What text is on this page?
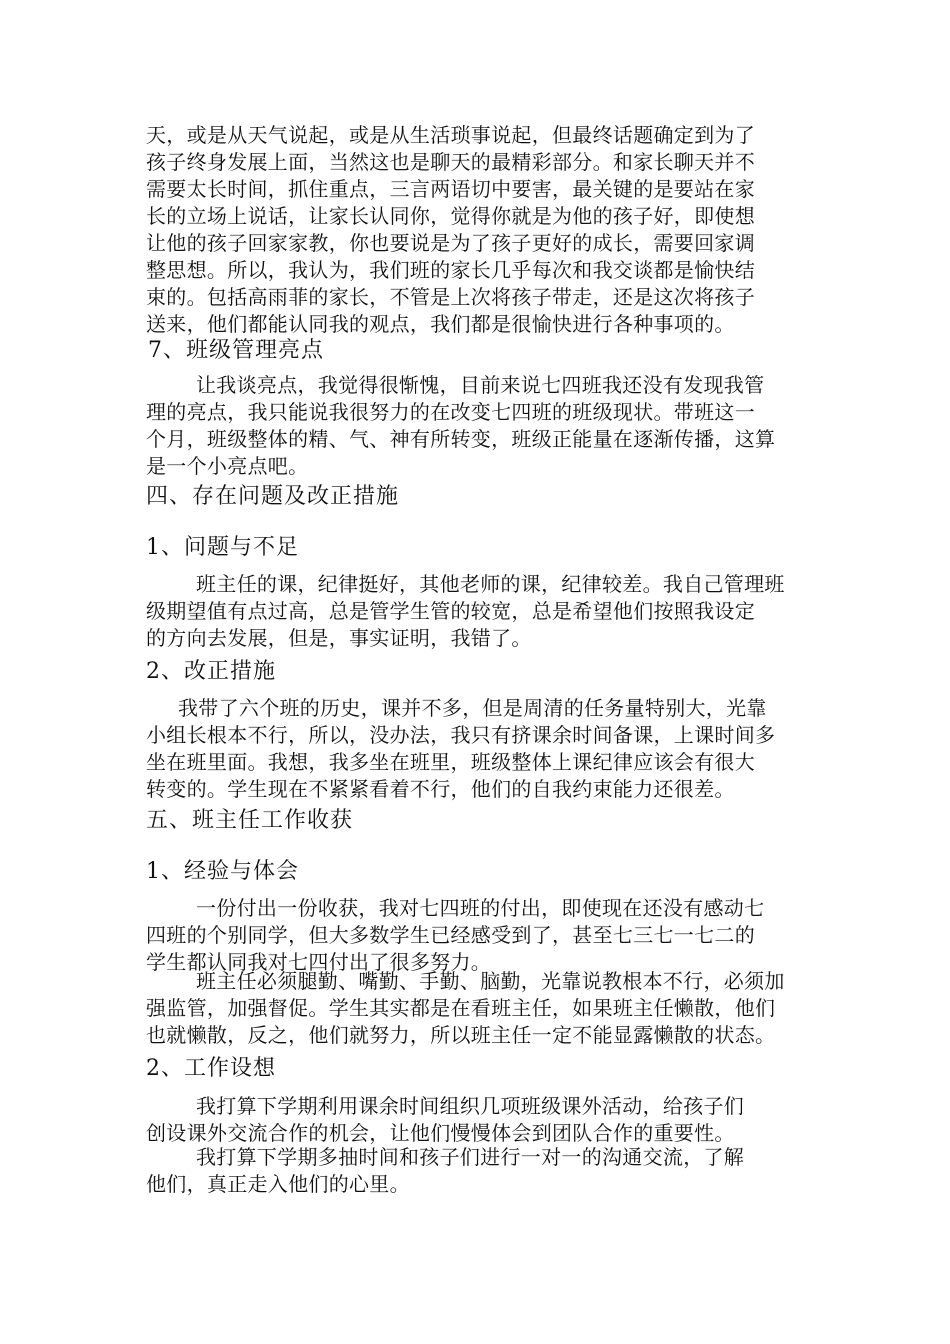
天，或是从天气说起，或是从生活琐事说起，但最终话题确定到为了
孩子终身发展上面，当然这也是聊天的最精彩部分。和家长聊天并不
需要太长时间，抓住重点，三言两语切中要害，最关键的是要站在家
长的立场上说话，让家长认同你，觉得你就是为他的孩子好，即使想
让他的孩子回家家教，你也要说是为了孩子更好的成长，需要回家调
整思想。所以，我认为，我们班的家长几乎每次和我交谈都是愉快结
束的。包括高雨菲的家长，不管是上次将孩子带走，还是这次将孩子
送来，他们都能认同我的观点，我们都是很愉快进行各种事项的。
7、班级管理亮点
让我谈亮点，我觉得很惭愧，目前来说七四班我还没有发现我管
理的亮点，我只能说我很努力的在改变七四班的班级现状。带班这一
个月，班级整体的精、气、神有所转变，班级正能量在逐渐传播，这算
是一个小亮点吧。
四、存在问题及改正措施
1、问题与不足
班主任的课，纪律挺好，其他老师的课，纪律较差。我自己管理班
级期望值有点过高，总是管学生管的较宽，总是希望他们按照我设定
的方向去发展，但是，事实证明，我错了。
2、改正措施
我带了六个班的历史，课并不多，但是周清的任务量特别大，光靠
小组长根本不行，所以，没办法，我只有挤课余时间备课，上课时间多
坐在班里面。我想，我多坐在班里，班级整体上课纪律应该会有很大
转变的。学生现在不紧紧看着不行，他们的自我约束能力还很差。
五、班主任工作收获
1、经验与体会
一份付出一份收获，我对七四班的付出，即使现在还没有感动七
四班的个别同学，但大多数学生已经感受到了，甚至七三七一七二的
学生都认同我对七四付出了很多努力。
班主任必须腿勤、嘴勤、手勤、脑勤，光靠说教根本不行，必须加
强监管，加强督促。学生其实都是在看班主任，如果班主任懒散，他们
也就懒散，反之，他们就努力，所以班主任一定不能显露懒散的状态。
2、工作设想
我打算下学期利用课余时间组织几项班级课外活动，给孩子们
创设课外交流合作的机会，让他们慢慢体会到团队合作的重要性。
我打算下学期多抽时间和孩子们进行一对一的沟通交流，了解
他们，真正走入他们的心里。
